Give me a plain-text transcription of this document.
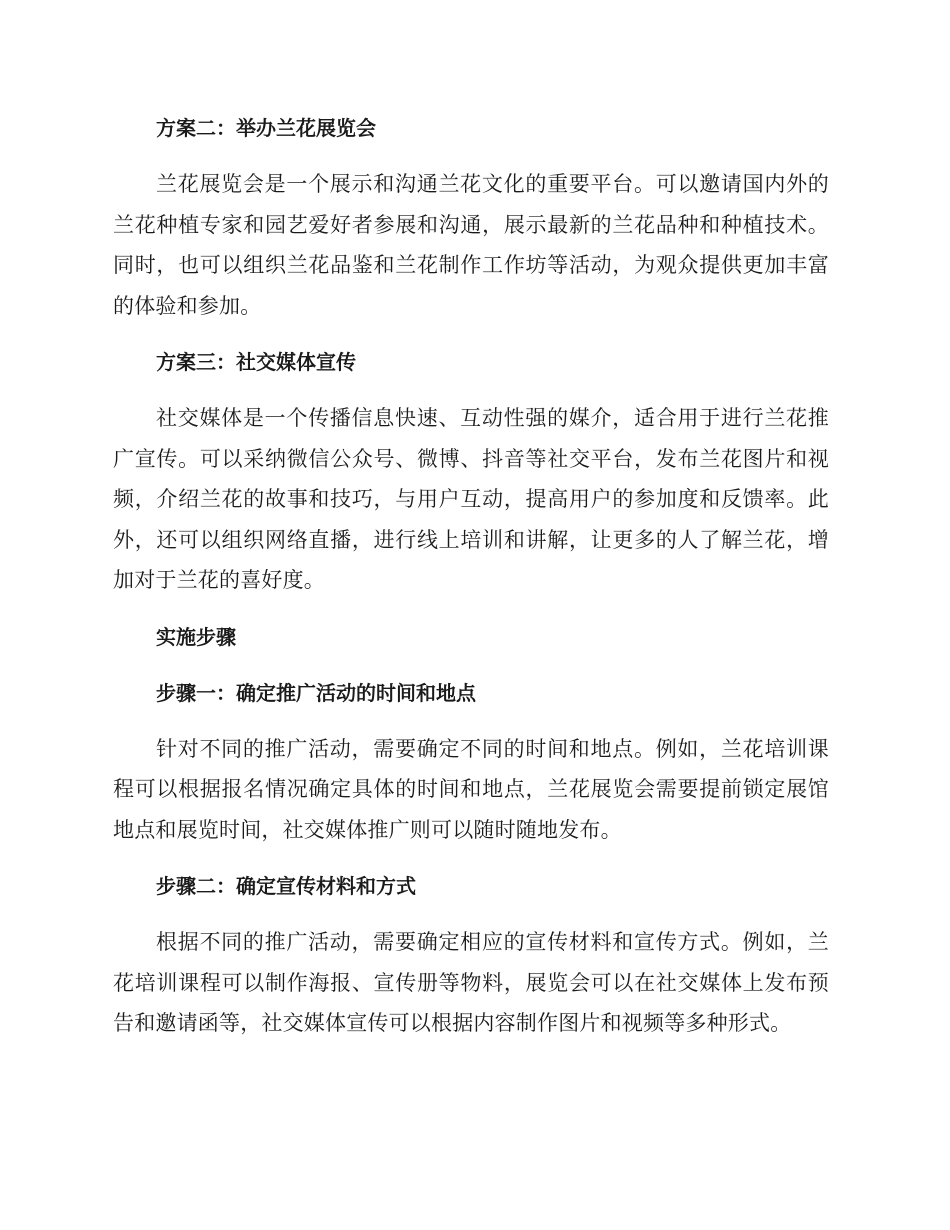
方案二：举办兰花展览会

兰花展览会是一个展示和沟通兰花文化的重要平台。可以邀请国内外的兰花种植专家和园艺爱好者参展和沟通，展示最新的兰花品种和种植技术。同时，也可以组织兰花品鉴和兰花制作工作坊等活动，为观众提供更加丰富的体验和参加。

方案三：社交媒体宣传

社交媒体是一个传播信息快速、互动性强的媒介，适合用于进行兰花推广宣传。可以采纳微信公众号、微博、抖音等社交平台，发布兰花图片和视频，介绍兰花的故事和技巧，与用户互动，提高用户的参加度和反馈率。此外，还可以组织网络直播，进行线上培训和讲解，让更多的人了解兰花，增加对于兰花的喜好度。

实施步骤
步骤一：确定推广活动的时间和地点

针对不同的推广活动，需要确定不同的时间和地点。例如，兰花培训课程可以根据报名情况确定具体的时间和地点，兰花展览会需要提前锁定展馆地点和展览时间，社交媒体推广则可以随时随地发布。

步骤二：确定宣传材料和方式

根据不同的推广活动，需要确定相应的宣传材料和宣传方式。例如，兰花培训课程可以制作海报、宣传册等物料，展览会可以在社交媒体上发布预告和邀请函等，社交媒体宣传可以根据内容制作图片和视频等多种形式。
